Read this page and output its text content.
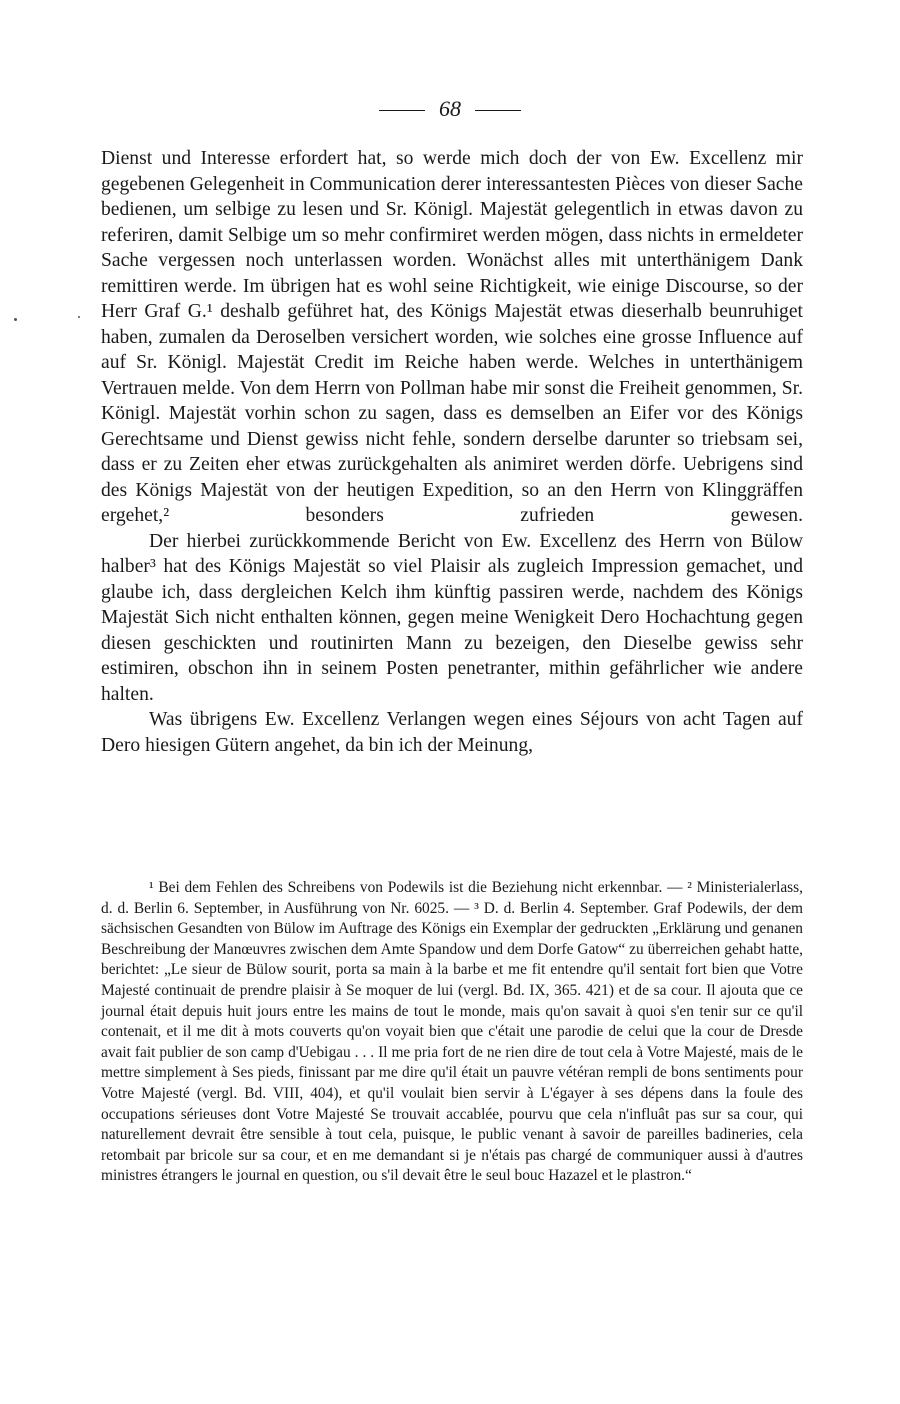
68

Dienst und Interesse erfordert hat, so werde mich doch der von Ew. Excellenz mir gegebenen Gelegenheit in Communication derer interessantesten Pièces von dieser Sache bedienen, um selbige zu lesen und Sr. Königl. Majestät gelegentlich in etwas davon zu referiren, damit Selbige um so mehr confirmiret werden mögen, dass nichts in ermeldeter Sache vergessen noch unterlassen worden. Wonächst alles mit unterthänigem Dank remittiren werde. Im übrigen hat es wohl seine Richtigkeit, wie einige Discourse, so der Herr Graf G.¹ deshalb geführet hat, des Königs Majestät etwas dieserhalb beunruhiget haben, zumalen da Deroselben versichert worden, wie solches eine grosse Influence auf auf Sr. Königl. Majestät Credit im Reiche haben werde. Welches in unterthänigem Vertrauen melde. Von dem Herrn von Pollman habe mir sonst die Freiheit genommen, Sr. Königl. Majestät vorhin schon zu sagen, dass es demselben an Eifer vor des Königs Gerechtsame und Dienst gewiss nicht fehle, sondern derselbe darunter so triebsam sei, dass er zu Zeiten eher etwas zurückgehalten als animiret werden dörfe. Uebrigens sind des Königs Majestät von der heutigen Expedition, so an den Herrn von Klinggräffen ergehet,² besonders zufrieden gewesen.

Der hierbei zurückkommende Bericht von Ew. Excellenz des Herrn von Bülow halber³ hat des Königs Majestät so viel Plaisir als zugleich Impression gemachet, und glaube ich, dass dergleichen Kelch ihm künftig passiren werde, nachdem des Königs Majestät Sich nicht enthalten können, gegen meine Wenigkeit Dero Hochachtung gegen diesen geschickten und routinirten Mann zu bezeigen, den Dieselbe gewiss sehr estimiren, obschon ihn in seinem Posten penetranter, mithin gefährlicher wie andere halten.

Was übrigens Ew. Excellenz Verlangen wegen eines Séjours von acht Tagen auf Dero hiesigen Gütern angehet, da bin ich der Meinung,

¹ Bei dem Fehlen des Schreibens von Podewils ist die Beziehung nicht erkennbar. — ² Ministerialerlass, d. d. Berlin 6. September, in Ausführung von Nr. 6025. — ³ D. d. Berlin 4. September. Graf Podewils, der dem sächsischen Gesandten von Bülow im Auftrage des Königs ein Exemplar der gedruckten „Erklärung und genanen Beschreibung der Manœuvres zwischen dem Amte Spandow und dem Dorfe Gatow“ zu überreichen gehabt hatte, berichtet: „Le sieur de Bülow sourit, porta sa main à la barbe et me fit entendre qu'il sentait fort bien que Votre Majesté continuait de prendre plaisir à Se moquer de lui (vergl. Bd. IX, 365. 421) et de sa cour. Il ajouta que ce journal était depuis huit jours entre les mains de tout le monde, mais qu'on savait à quoi s'en tenir sur ce qu'il contenait, et il me dit à mots couverts qu'on voyait bien que c'était une parodie de celui que la cour de Dresde avait fait publier de son camp d'Uebigau . . . Il me pria fort de ne rien dire de tout cela à Votre Majesté, mais de le mettre simplement à Ses pieds, finissant par me dire qu'il était un pauvre vétéran rempli de bons sentiments pour Votre Majesté (vergl. Bd. VIII, 404), et qu'il voulait bien servir à L'égayer à ses dépens dans la foule des occupations sérieuses dont Votre Majesté Se trouvait accablée, pourvu que cela n'influât pas sur sa cour, qui naturellement devrait être sensible à tout cela, puisque, le public venant à savoir de pareilles badineries, cela retombait par bricole sur sa cour, et en me demandant si je n'étais pas chargé de communiquer aussi à d'autres ministres étrangers le journal en question, ou s'il devait être le seul bouc Hazazel et le plastron.“
